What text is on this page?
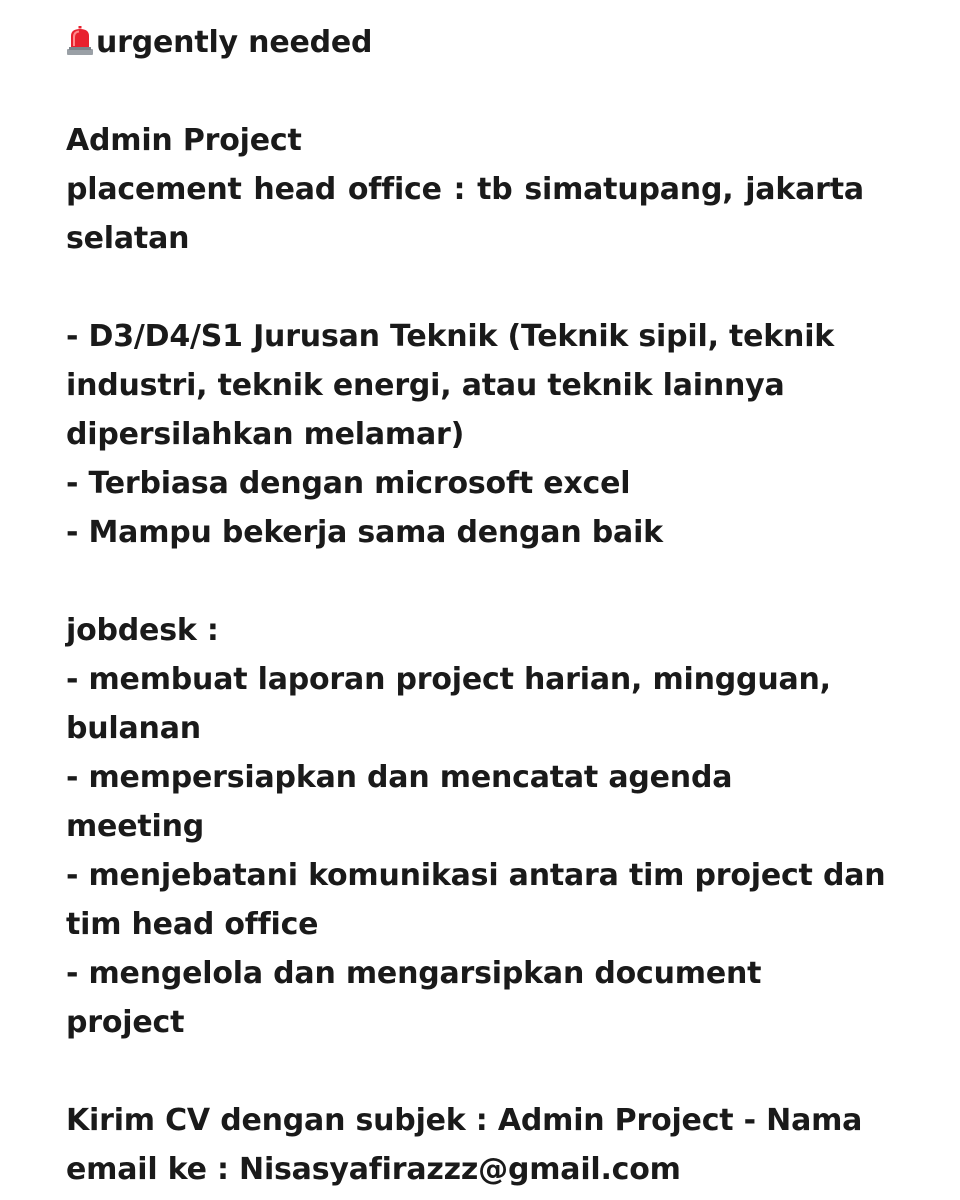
urgently needed
Admin Project
placement head office : tb simatupang, jakarta
selatan
- D3/D4/S1 Jurusan Teknik (Teknik sipil, teknik
industri, teknik energi, atau teknik lainnya
dipersilahkan melamar)
- Terbiasa dengan microsoft excel
- Mampu bekerja sama dengan baik
jobdesk :
- membuat laporan project harian, mingguan,
bulanan
- mempersiapkan dan mencatat agenda
meeting
- menjebatani komunikasi antara tim project dan
tim head office
- mengelola dan mengarsipkan document
project
Kirim CV dengan subjek : Admin Project - Nama
email ke : Nisasyafirazzz@gmail.com
